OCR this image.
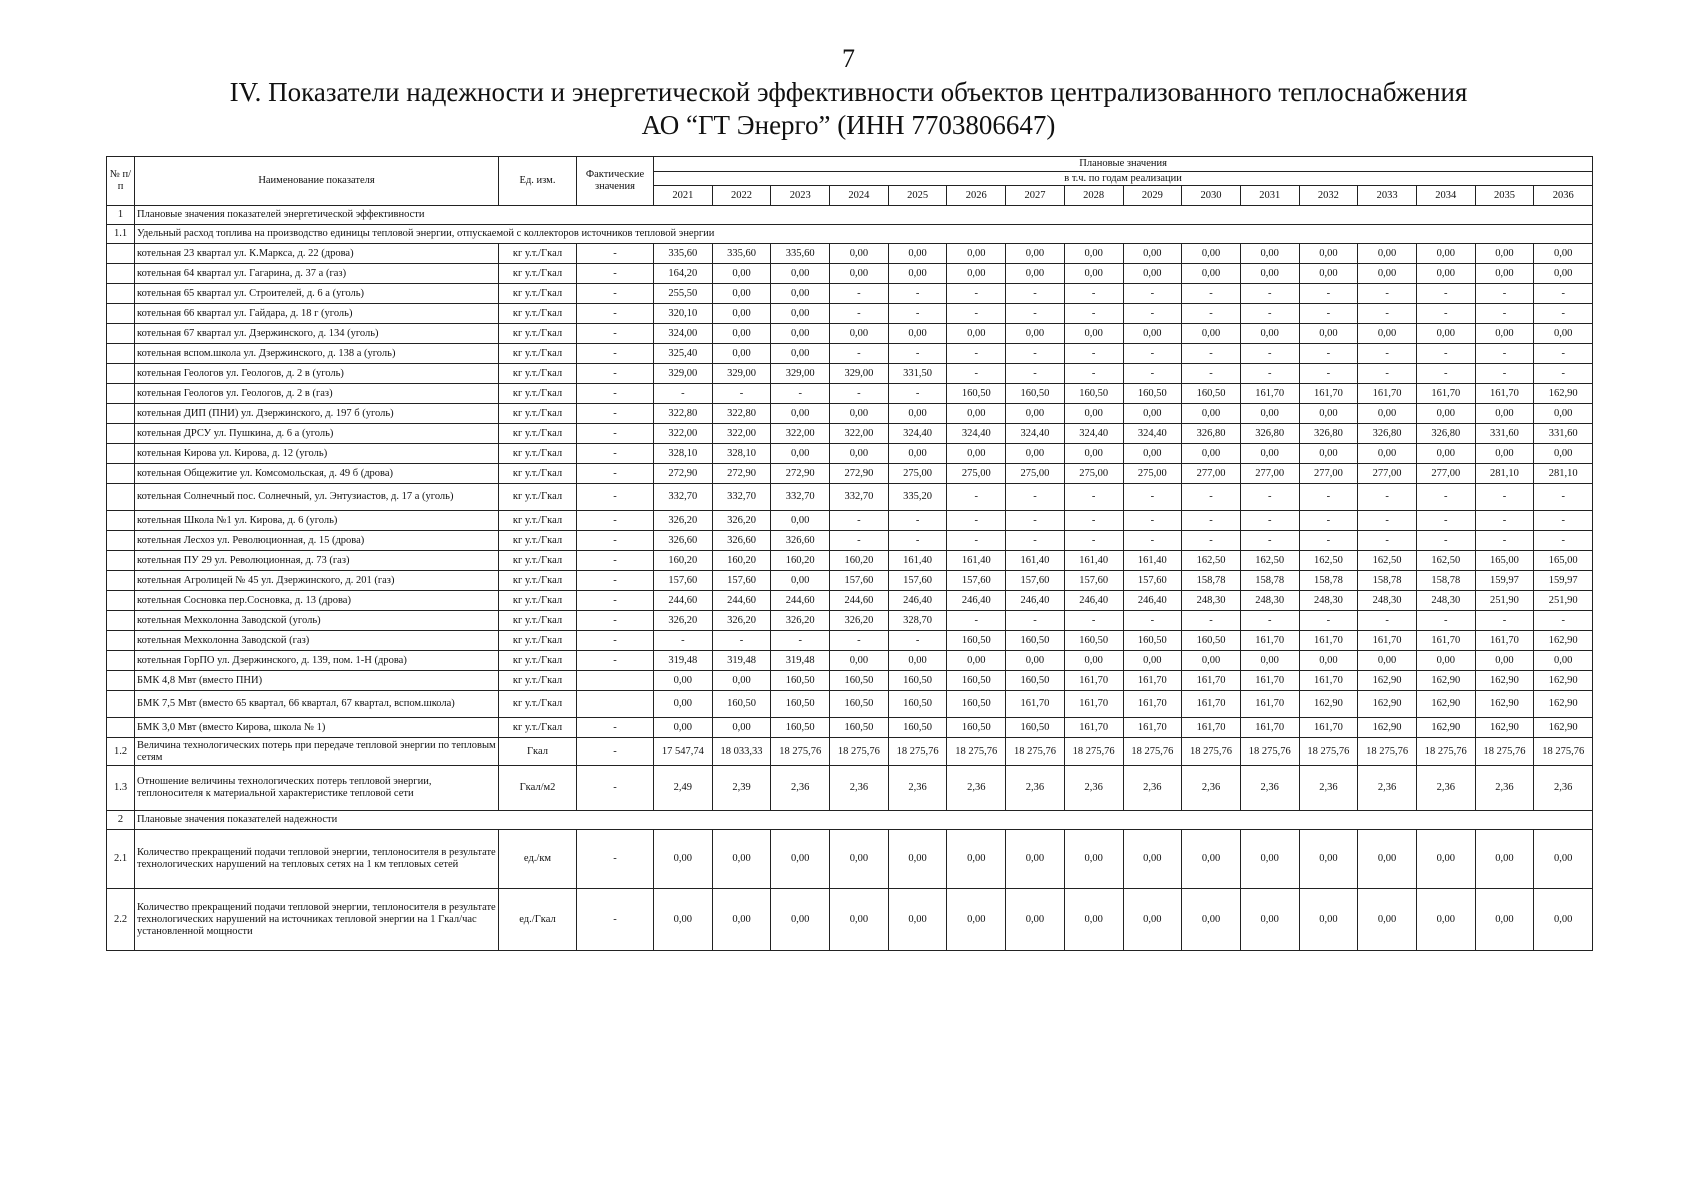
7
IV. Показатели надежности и энергетической эффективности объектов централизованного теплоснабжения
АО “ГТ Энерго” (ИНН 7703806647)
№ п/п	Наименование показателя	Ед. изм.	Фактические значения	Плановые значения															
				в т.ч. по годам реализации															
				2021	2022	2023	2024	2025	2026	2027	2028	2029	2030	2031	2032	2033	2034	2035	2036
1	Плановые значения показателей энергетической эффективности																		
1.1	Удельный расход топлива на производство единицы тепловой энергии, отпускаемой с коллекторов источников тепловой энергии																		
	котельная 23 квартал ул. К.Маркса, д. 22 (дрова)	кг у.т./Гкал	-	335,60	335,60	335,60	0,00	0,00	0,00	0,00	0,00	0,00	0,00	0,00	0,00	0,00	0,00	0,00	0,00
	котельная 64 квартал ул. Гагарина, д. 37 а (газ)	кг у.т./Гкал	-	164,20	0,00	0,00	0,00	0,00	0,00	0,00	0,00	0,00	0,00	0,00	0,00	0,00	0,00	0,00	0,00
	котельная 65 квартал ул. Строителей, д. 6 а (уголь)	кг у.т./Гкал	-	255,50	0,00	0,00	-	-	-	-	-	-	-	-	-	-	-	-	-
	котельная 66 квартал ул. Гайдара, д. 18 г (уголь)	кг у.т./Гкал	-	320,10	0,00	0,00	-	-	-	-	-	-	-	-	-	-	-	-	-
	котельная 67 квартал ул. Дзержинского, д. 134 (уголь)	кг у.т./Гкал	-	324,00	0,00	0,00	0,00	0,00	0,00	0,00	0,00	0,00	0,00	0,00	0,00	0,00	0,00	0,00	0,00
	котельная вспом.школа ул. Дзержинского, д. 138 а (уголь)	кг у.т./Гкал	-	325,40	0,00	0,00	-	-	-	-	-	-	-	-	-	-	-	-	-
	котельная Геологов ул. Геологов, д. 2 в (уголь)	кг у.т./Гкал	-	329,00	329,00	329,00	329,00	331,50	-	-	-	-	-	-	-	-	-	-	-
	котельная Геологов ул. Геологов, д. 2 в (газ)	кг у.т./Гкал	-	-	-	-	-	-	160,50	160,50	160,50	160,50	160,50	161,70	161,70	161,70	161,70	161,70	162,90
	котельная ДИП (ПНИ) ул. Дзержинского, д. 197 б (уголь)	кг у.т./Гкал	-	322,80	322,80	0,00	0,00	0,00	0,00	0,00	0,00	0,00	0,00	0,00	0,00	0,00	0,00	0,00	0,00
	котельная ДРСУ ул. Пушкина, д. 6 а (уголь)	кг у.т./Гкал	-	322,00	322,00	322,00	322,00	324,40	324,40	324,40	324,40	324,40	326,80	326,80	326,80	326,80	326,80	331,60	331,60
	котельная Кирова ул. Кирова, д. 12 (уголь)	кг у.т./Гкал	-	328,10	328,10	0,00	0,00	0,00	0,00	0,00	0,00	0,00	0,00	0,00	0,00	0,00	0,00	0,00	0,00
	котельная Общежитие ул. Комсомольская, д. 49 б (дрова)	кг у.т./Гкал	-	272,90	272,90	272,90	272,90	275,00	275,00	275,00	275,00	275,00	277,00	277,00	277,00	277,00	277,00	281,10	281,10
	котельная Солнечный пос. Солнечный, ул. Энтузиастов, д. 17 а (уголь)	кг у.т./Гкал	-	332,70	332,70	332,70	332,70	335,20	-	-	-	-	-	-	-	-	-	-	-
	котельная Школа №1 ул. Кирова, д. 6 (уголь)	кг у.т./Гкал	-	326,20	326,20	0,00	-	-	-	-	-	-	-	-	-	-	-	-	-
	котельная Лесхоз ул. Революционная, д. 15 (дрова)	кг у.т./Гкал	-	326,60	326,60	326,60	-	-	-	-	-	-	-	-	-	-	-	-	-
	котельная ПУ 29 ул. Революционная, д. 73 (газ)	кг у.т./Гкал	-	160,20	160,20	160,20	160,20	161,40	161,40	161,40	161,40	161,40	162,50	162,50	162,50	162,50	162,50	165,00	165,00
	котельная Агролицей № 45 ул. Дзержинского, д. 201 (газ)	кг у.т./Гкал	-	157,60	157,60	0,00	157,60	157,60	157,60	157,60	157,60	157,60	158,78	158,78	158,78	158,78	158,78	159,97	159,97
	котельная Сосновка пер.Сосновка, д. 13 (дрова)	кг у.т./Гкал	-	244,60	244,60	244,60	244,60	246,40	246,40	246,40	246,40	246,40	248,30	248,30	248,30	248,30	248,30	251,90	251,90
	котельная Мехколонна Заводской (уголь)	кг у.т./Гкал	-	326,20	326,20	326,20	326,20	328,70	-	-	-	-	-	-	-	-	-	-	-
	котельная Мехколонна Заводской (газ)	кг у.т./Гкал	-	-	-	-	-	-	160,50	160,50	160,50	160,50	160,50	161,70	161,70	161,70	161,70	161,70	162,90
	котельная ГорПО ул. Дзержинского, д. 139, пом. 1-Н (дрова)	кг у.т./Гкал	-	319,48	319,48	319,48	0,00	0,00	0,00	0,00	0,00	0,00	0,00	0,00	0,00	0,00	0,00	0,00	0,00
	БМК 4,8 Мвт (вместо ПНИ)	кг у.т./Гкал		0,00	0,00	160,50	160,50	160,50	160,50	160,50	161,70	161,70	161,70	161,70	161,70	162,90	162,90	162,90	162,90
	БМК 7,5 Мвт (вместо 65 квартал, 66 квартал, 67 квартал, вспом.школа)	кг у.т./Гкал		0,00	160,50	160,50	160,50	160,50	160,50	161,70	161,70	161,70	161,70	161,70	162,90	162,90	162,90	162,90	162,90
	БМК 3,0 Мвт (вместо Кирова, школа № 1)	кг у.т./Гкал	-	0,00	0,00	160,50	160,50	160,50	160,50	160,50	161,70	161,70	161,70	161,70	161,70	162,90	162,90	162,90	162,90
1.2	Величина технологических потерь при передаче тепловой энергии по тепловым сетям	Гкал	-	17 547,74	18 033,33	18 275,76	18 275,76	18 275,76	18 275,76	18 275,76	18 275,76	18 275,76	18 275,76	18 275,76	18 275,76	18 275,76	18 275,76	18 275,76	18 275,76
1.3	Отношение величины технологических потерь тепловой энергии, теплоносителя к материальной характеристике тепловой сети	Гкал/м2	-	2,49	2,39	2,36	2,36	2,36	2,36	2,36	2,36	2,36	2,36	2,36	2,36	2,36	2,36	2,36	2,36
2	Плановые значения показателей надежности																		
2.1	Количество прекращений подачи тепловой энергии, теплоносителя в результате технологических нарушений на тепловых сетях на 1 км тепловых сетей	ед./км	-	0,00	0,00	0,00	0,00	0,00	0,00	0,00	0,00	0,00	0,00	0,00	0,00	0,00	0,00	0,00	0,00
2.2	Количество прекращений подачи тепловой энергии, теплоносителя в результате технологических нарушений на источниках тепловой энергии на 1 Гкал/час установленной мощности	ед./Гкал	-	0,00	0,00	0,00	0,00	0,00	0,00	0,00	0,00	0,00	0,00	0,00	0,00	0,00	0,00	0,00	0,00
